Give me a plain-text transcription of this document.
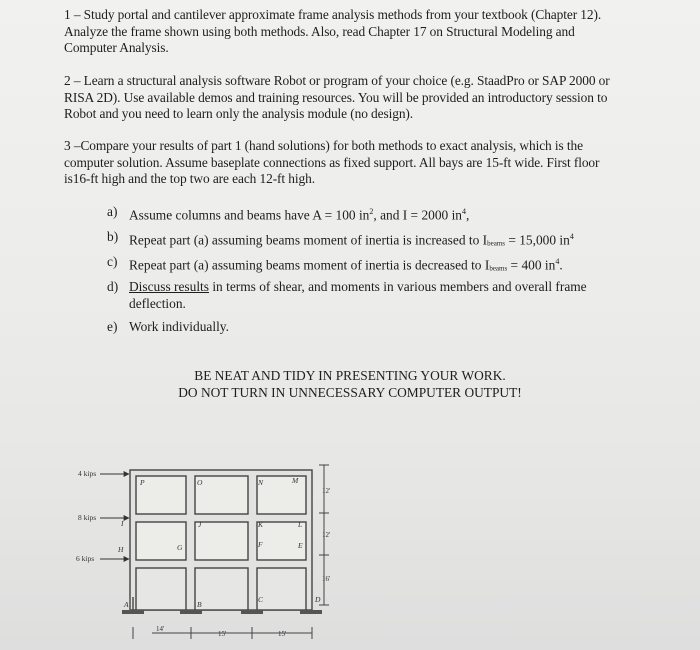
1 – Study portal and cantilever approximate frame analysis methods from your textbook (Chapter 12).
Analyze the frame shown using both methods. Also, read Chapter 17 on Structural Modeling and
Computer Analysis.
2 – Learn a structural analysis software Robot or program of your choice (e.g. StaadPro or SAP 2000 or
RISA 2D). Use available demos and training resources. You will be provided an introductory session to
Robot and you need to learn only the analysis module (no design).
3 –Compare your results of part 1 (hand solutions) for both methods to exact analysis, which is the
computer solution. Assume baseplate connections as fixed support. All bays are 15-ft wide. First floor
is16-ft high and the top two are each 12-ft high.
a) Assume columns and beams have A = 100 $in^2$, and I = 2000 $in^4$,
b) Repeat part (a) assuming beams moment of inertia is increased to $I_{beams} = 15,000$ $in^4$
c) Repeat part (a) assuming beams moment of inertia is decreased to $I_{beams} = 400$ $in^4$.
d) Discuss results in terms of shear, and moments in various members and overall frame
deflection.
e) Work individually.
BE NEAT AND TIDY IN PRESENTING YOUR WORK.
DO NOT TURN IN UNNECESSARY COMPUTER OUTPUT!
4 kips
8 kips
6 kips
P	O	N	M
I	J	K	L
H	G	F	E
A	B
C	D
12'
12'
16'
14'
15'	15'
